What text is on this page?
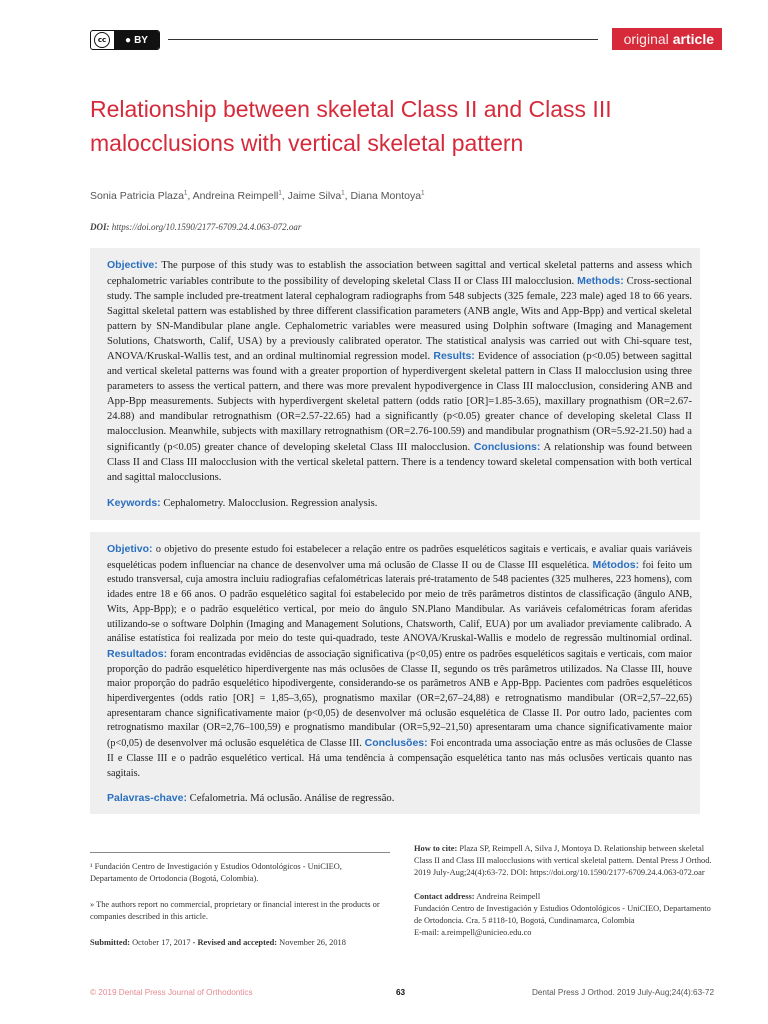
cc	● BY	original article
Relationship between skeletal Class II and Class III malocclusions with vertical skeletal pattern
Sonia Patricia Plaza$^1$, Andreina Reimpell$^1$, Jaime Silva$^1$, Diana Montoya$^1$
DOI: https://doi.org/10.1590/2177-6709.24.4.063-072.oar

Objective: The purpose of this study was to establish the association between sagittal and vertical skeletal patterns and assess which cephalometric variables contribute to the possibility of developing skeletal Class II or Class III malocclusion. Methods: Cross-sectional study. The sample included pre-treatment lateral cephalogram radiographs from 548 subjects (325 female, 223 male) aged 18 to 66 years. Sagittal skeletal pattern was established by three different classification parameters (ANB angle, Wits and App-Bpp) and vertical skeletal pattern by SN-Mandibular plane angle. Cephalometric variables were measured using Dolphin software (Imaging and Management Solutions, Chatsworth, Calif, USA) by a previously calibrated operator. The statistical analysis was carried out with Chi-square test, ANOVA/Kruskal-Wallis test, and an ordinal multinomial regression model. Results: Evidence of association (p<0.05) between sagittal and vertical skeletal patterns was found with a greater proportion of hyperdivergent skeletal pattern in Class II malocclusion using three parameters to assess the vertical pattern, and there was more prevalent hypodivergence in Class III malocclusion, considering ANB and App-Bpp measurements. Subjects with hyperdivergent skeletal pattern (odds ratio [OR]=1.85-3.65), maxillary prognathism (OR=2.67-24.88) and mandibular retrognathism (OR=2.57-22.65) had a significantly (p<0.05) greater chance of developing skeletal Class II malocclusion. Meanwhile, subjects with maxillary retrognathism (OR=2.76-100.59) and mandibular prognathism (OR=5.92-21.50) had a significantly (p<0.05) greater chance of developing skeletal Class III malocclusion. Conclusions: A relationship was found between Class II and Class III malocclusion with the vertical skeletal pattern. There is a tendency toward skeletal compensation with both vertical and sagittal malocclusions.

Keywords: Cephalometry. Malocclusion. Regression analysis.

Objetivo: o objetivo do presente estudo foi estabelecer a relação entre os padrões esqueléticos sagitais e verticais, e avaliar quais variáveis esqueléticas podem influenciar na chance de desenvolver uma má oclusão de Classe II ou de Classe III esquelética. Métodos: foi feito um estudo transversal, cuja amostra incluiu radiografias cefalométricas laterais pré-tratamento de 548 pacientes (325 mulheres, 223 homens), com idades entre 18 e 66 anos. O padrão esquelético sagital foi estabelecido por meio de três parâmetros distintos de classificação (ângulo ANB, Wits, App-Bpp); e o padrão esquelético vertical, por meio do ângulo SN.Plano Mandibular. As variáveis cefalométricas foram aferidas utilizando-se o software Dolphin (Imaging and Management Solutions, Chatsworth, Calif, EUA) por um avaliador previamente calibrado. A análise estatística foi realizada por meio do teste qui-quadrado, teste ANOVA/Kruskal-Wallis e modelo de regressão multinomial ordinal. Resultados: foram encontradas evidências de associação significativa (p<0,05) entre os padrões esqueléticos sagitais e verticais, com maior proporção do padrão esquelético hiperdivergente nas más oclusões de Classe II, segundo os três parâmetros utilizados. Na Classe III, houve maior proporção do padrão esquelético hipodivergente, considerando-se os parâmetros ANB e App-Bpp. Pacientes com padrões esqueléticos hiperdivergentes (odds ratio [OR] = 1,85–3,65), prognatismo maxilar (OR=2,67–24,88) e retrognatismo mandibular (OR=2,57–22,65) apresentaram chance significativamente maior (p<0,05) de desenvolver má oclusão esquelética de Classe II. Por outro lado, pacientes com retrognatismo maxilar (OR=2,76–100,59) e prognatismo mandibular (OR=5,92–21,50) apresentaram uma chance significativamente maior (p<0,05) de desenvolver má oclusão esquelética de Classe III. Conclusões: Foi encontrada uma associação entre as más oclusões de Classe II e Classe III e o padrão esquelético vertical. Há uma tendência à compensação esquelética tanto nas más oclusões verticais quanto nas sagitais.

Palavras-chave: Cefalometria. Má oclusão. Análise de regressão.

¹ Fundación Centro de Investigación y Estudios Odontológicos - UniCIEO, Departamento de Ortodoncia (Bogotá, Colombia).

» The authors report no commercial, proprietary or financial interest in the products or companies described in this article.

Submitted: October 17, 2017 - Revised and accepted: November 26, 2018

How to cite: Plaza SP, Reimpell A, Silva J, Montoya D. Relationship between skeletal Class II and Class III malocclusions with vertical skeletal pattern. Dental Press J Orthod. 2019 July-Aug;24(4):63-72. DOI: https://doi.org/10.1590/2177-6709.24.4.063-072.oar

Contact address: Andreina Reimpell
Fundación Centro de Investigación y Estudios Odontológicos - UniCIEO, Departamento de Ortodoncia. Cra. 5 #118-10, Bogotá, Cundinamarca, Colombia
E-mail: a.reimpell@unicieo.edu.co

© 2019 Dental Press Journal of Orthodontics	63	Dental Press J Orthod. 2019 July-Aug;24(4):63-72
